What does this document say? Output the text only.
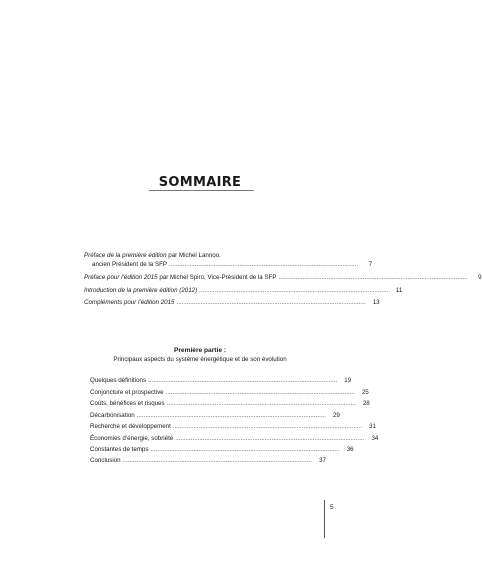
SOMMAIRE
Préface de la première édition par Michel Lannoo,
ancien Président de la SFP ..............................................................................................................	7
Préface pour l’édition 2015 par Michel Spiro, Vice-Président de la SFP ..............................................................................................................	9
Introduction de la première édition (2012) ..............................................................................................................	11
Compléments pour l’édition 2015 ..............................................................................................................	13
Première partie :
Principaux aspects du système énergétique et de son évolution
Quelques définitions ..............................................................................................................	19
Conjoncture et prospective ..............................................................................................................	25
Coûts, bénéfices et risques ..............................................................................................................	28
Décarbonisation ..............................................................................................................	29
Recherche et développement ..............................................................................................................	31
Économies d’énergie, sobriété ..............................................................................................................	34
Constantes de temps ..............................................................................................................	36
Conclusion ..............................................................................................................	37
5
